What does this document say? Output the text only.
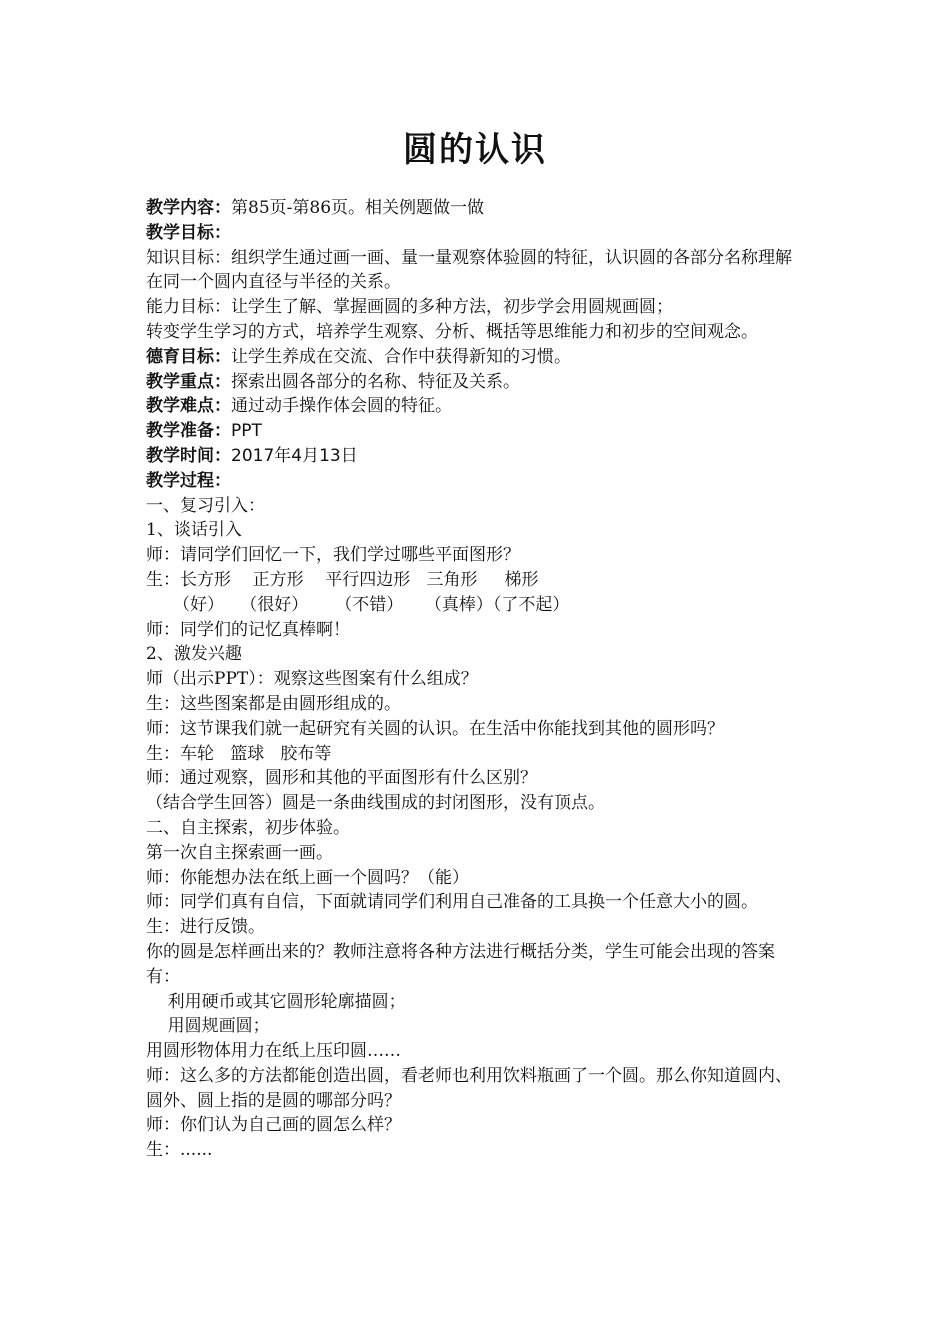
圆的认识
教学内容：第85页-第86页。相关例题做一做
教学目标：
知识目标：组织学生通过画一画、量一量观察体验圆的特征，认识圆的各部分名称理解在同一个圆内直径与半径的关系。
能力目标：让学生了解、掌握画圆的多种方法，初步学会用圆规画圆；
转变学生学习的方式，培养学生观察、分析、概括等思维能力和初步的空间观念。
德育目标：让学生养成在交流、合作中获得新知的习惯。
教学重点：探索出圆各部分的名称、特征及关系。
教学难点：通过动手操作体会圆的特征。
教学准备：PPT
教学时间：2017年4月13日
教学过程：
一、复习引入：
1、谈话引入
师：请同学们回忆一下，我们学过哪些平面图形？
生：长方形    正方形    平行四边形   三角形     梯形
（好）   （很好）     （不错）    （真棒）（了不起）
师：同学们的记忆真棒啊！
2、激发兴趣
师（出示PPT）：观察这些图案有什么组成？
生：这些图案都是由圆形组成的。
师：这节课我们就一起研究有关圆的认识。在生活中你能找到其他的圆形吗？
生：车轮   篮球   胶布等
师：通过观察，圆形和其他的平面图形有什么区别？
（结合学生回答）圆是一条曲线围成的封闭图形，没有顶点。
二、自主探索，初步体验。
第一次自主探索画一画。
师：你能想办法在纸上画一个圆吗？（能）
师：同学们真有自信，下面就请同学们利用自己准备的工具换一个任意大小的圆。
生：进行反馈。
你的圆是怎样画出来的？教师注意将各种方法进行概括分类，学生可能会出现的答案有：
利用硬币或其它圆形轮廓描圆；
用圆规画圆；
用圆形物体用力在纸上压印圆……
师：这么多的方法都能创造出圆，看老师也利用饮料瓶画了一个圆。那么你知道圆内、圆外、圆上指的是圆的哪部分吗？
师：你们认为自己画的圆怎么样？
生：......
